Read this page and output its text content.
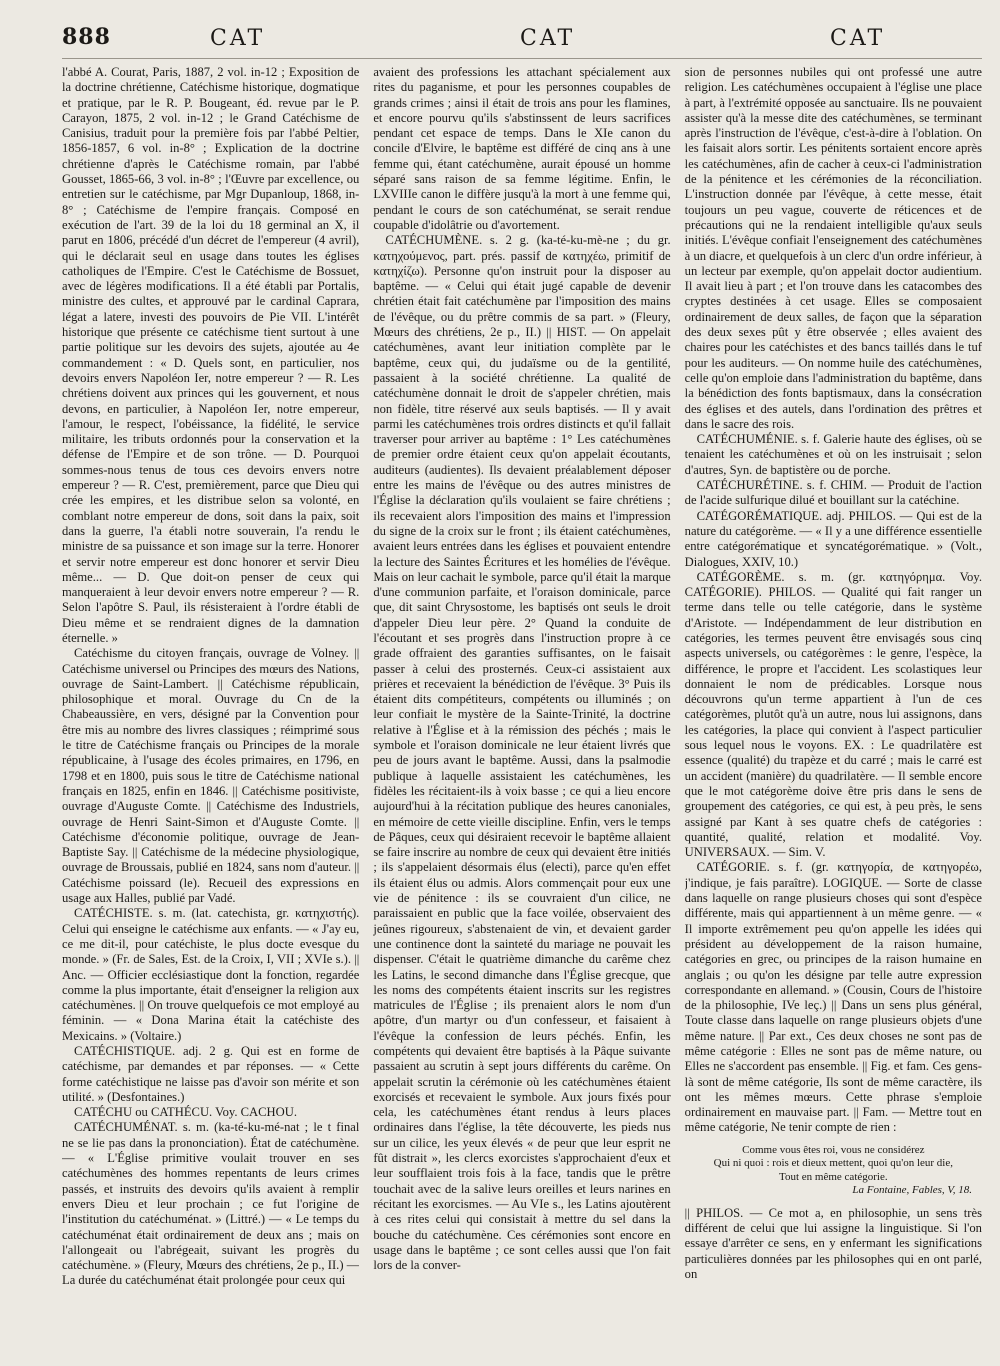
888	CAT	CAT	CAT

l'abbé A. Courat, Paris, 1887, 2 vol. in-12 ; Exposition de la doctrine chrétienne, Catéchisme historique, dogmatique et pratique, par le R. P. Bougeant, éd. revue par le P. Carayon, 1875, 2 vol. in-12 ; le Grand Catéchisme de Canisius, traduit pour la première fois par l'abbé Peltier, 1856-1857, 6 vol. in-8° ; Explication de la doctrine chrétienne d'après le Catéchisme romain, par l'abbé Gousset, 1865-66, 3 vol. in-8° ; l'Œuvre par excellence, ou entretien sur le catéchisme, par Mgr Dupanloup, 1868, in-8° ; Catéchisme de l'empire français. Composé en exécution de l'art. 39 de la loi du 18 germinal an X, il parut en 1806, précédé d'un décret de l'empereur (4 avril), qui le déclarait seul en usage dans toutes les églises catholiques de l'Empire. C'est le Catéchisme de Bossuet, avec de légères modifications. Il a été établi par Portalis, ministre des cultes, et approuvé par le cardinal Caprara, légat a latere, investi des pouvoirs de Pie VII. L'intérêt historique que présente ce catéchisme tient surtout à une partie politique sur les devoirs des sujets, ajoutée au 4e commandement : « D. Quels sont, en particulier, nos devoirs envers Napoléon Ier, notre empereur ? — R. Les chrétiens doivent aux princes qui les gouvernent, et nous devons, en particulier, à Napoléon Ier, notre empereur, l'amour, le respect, l'obéissance, la fidélité, le service militaire, les tributs ordonnés pour la conservation et la défense de l'Empire et de son trône. — D. Pourquoi sommes-nous tenus de tous ces devoirs envers notre empereur ? — R. C'est, premièrement, parce que Dieu qui crée les empires, et les distribue selon sa volonté, en comblant notre empereur de dons, soit dans la paix, soit dans la guerre, l'a établi notre souverain, l'a rendu le ministre de sa puissance et son image sur la terre. Honorer et servir notre empereur est donc honorer et servir Dieu même... — D. Que doit-on penser de ceux qui manqueraient à leur devoir envers notre empereur ? — R. Selon l'apôtre S. Paul, ils résisteraient à l'ordre établi de Dieu même et se rendraient dignes de la damnation éternelle. »

Catéchisme du citoyen français, ouvrage de Volney. || Catéchisme universel ou Principes des mœurs des Nations, ouvrage de Saint-Lambert. || Catéchisme républicain, philosophique et moral. Ouvrage du Cn de la Chabeaussière, en vers, désigné par la Convention pour être mis au nombre des livres classiques ; réimprimé sous le titre de Catéchisme français ou Principes de la morale républicaine, à l'usage des écoles primaires, en 1796, en 1798 et en 1800, puis sous le titre de Catéchisme national français en 1825, enfin en 1846. || Catéchisme positiviste, ouvrage d'Auguste Comte. || Catéchisme des Industriels, ouvrage de Henri Saint-Simon et d'Auguste Comte. || Catéchisme d'économie politique, ouvrage de Jean-Baptiste Say. || Catéchisme de la médecine physiologique, ouvrage de Broussais, publié en 1824, sans nom d'auteur. || Catéchisme poissard (le). Recueil des expressions en usage aux Halles, publié par Vadé.

CATÉCHISTE. s. m. (lat. catechista, gr. κατηχιστής). Celui qui enseigne le catéchisme aux enfants. — « J'ay eu, ce me dit-il, pour catéchiste, le plus docte evesque du monde. » (Fr. de Sales, Est. de la Croix, I, VII ; XVIe s.). || Anc. — Officier ecclésiastique dont la fonction, regardée comme la plus importante, était d'enseigner la religion aux catéchumènes. || On trouve quelquefois ce mot employé au féminin. — « Dona Marina était la catéchiste des Mexicains. » (Voltaire.)

CATÉCHISTIQUE. adj. 2 g. Qui est en forme de catéchisme, par demandes et par réponses. — « Cette forme catéchistique ne laisse pas d'avoir son mérite et son utilité. » (Desfontaines.)

CATÉCHU ou CATHÉCU. Voy. CACHOU.

CATÉCHUMÉNAT. s. m. (ka-té-ku-mé-nat ; le t final ne se lie pas dans la prononciation). État de catéchumène. — « L'Église primitive voulait trouver en ses catéchumènes des hommes repentants de leurs crimes passés, et instruits des devoirs qu'ils avaient à remplir envers Dieu et leur prochain ; ce fut l'origine de l'institution du catéchuménat. » (Littré.) — « Le temps du catéchuménat était ordinairement de deux ans ; mais on l'allongeait ou l'abrégeait, suivant les progrès du catéchumène. » (Fleury, Mœurs des chrétiens, 2e p., II.) — La durée du catéchuménat était prolongée pour ceux qui

avaient des professions les attachant spécialement aux rites du paganisme, et pour les personnes coupables de grands crimes ; ainsi il était de trois ans pour les flamines, et encore pourvu qu'ils s'abstinssent de leurs sacrifices pendant cet espace de temps. Dans le XIe canon du concile d'Elvire, le baptême est différé de cinq ans à une femme qui, étant catéchumène, aurait épousé un homme séparé sans raison de sa femme légitime. Enfin, le LXVIIIe canon le diffère jusqu'à la mort à une femme qui, pendant le cours de son catéchuménat, se serait rendue coupable d'idolâtrie ou d'avortement.

CATÉCHUMÈNE. s. 2 g. (ka-té-ku-mè-ne ; du gr. κατηχούμενος, part. prés. passif de κατηχέω, primitif de κατηχίζω). Personne qu'on instruit pour la disposer au baptême. — « Celui qui était jugé capable de devenir chrétien était fait catéchumène par l'imposition des mains de l'évêque, ou du prêtre commis de sa part. » (Fleury, Mœurs des chrétiens, 2e p., II.) || HIST. — On appelait catéchumènes, avant leur initiation complète par le baptême, ceux qui, du judaïsme ou de la gentilité, passaient à la société chrétienne. La qualité de catéchumène donnait le droit de s'appeler chrétien, mais non fidèle, titre réservé aux seuls baptisés. — Il y avait parmi les catéchumènes trois ordres distincts et qu'il fallait traverser pour arriver au baptême : 1° Les catéchumènes de premier ordre étaient ceux qu'on appelait écoutants, auditeurs (audientes). Ils devaient préalablement déposer entre les mains de l'évêque ou des autres ministres de l'Église la déclaration qu'ils voulaient se faire chrétiens ; ils recevaient alors l'imposition des mains et l'impression du signe de la croix sur le front ; ils étaient catéchumènes, avaient leurs entrées dans les églises et pouvaient entendre la lecture des Saintes Écritures et les homélies de l'évêque. Mais on leur cachait le symbole, parce qu'il était la marque d'une communion parfaite, et l'oraison dominicale, parce que, dit saint Chrysostome, les baptisés ont seuls le droit d'appeler Dieu leur père. 2° Quand la conduite de l'écoutant et ses progrès dans l'instruction propre à ce grade offraient des garanties suffisantes, on le faisait passer à celui des prosternés. Ceux-ci assistaient aux prières et recevaient la bénédiction de l'évêque. 3° Puis ils étaient dits compétiteurs, compétents ou illuminés ; on leur confiait le mystère de la Sainte-Trinité, la doctrine relative à l'Église et à la rémission des péchés ; mais le symbole et l'oraison dominicale ne leur étaient livrés que peu de jours avant le baptême. Aussi, dans la psalmodie publique à laquelle assistaient les catéchumènes, les fidèles les récitaient-ils à voix basse ; ce qui a lieu encore aujourd'hui à la récitation publique des heures canoniales, en mémoire de cette vieille discipline. Enfin, vers le temps de Pâques, ceux qui désiraient recevoir le baptême allaient se faire inscrire au nombre de ceux qui devaient être initiés ; ils s'appelaient désormais élus (electi), parce qu'en effet ils étaient élus ou admis. Alors commençait pour eux une vie de pénitence : ils se couvraient d'un cilice, ne paraissaient en public que la face voilée, observaient des jeûnes rigoureux, s'abstenaient de vin, et devaient garder une continence dont la sainteté du mariage ne pouvait les dispenser. C'était le quatrième dimanche du carême chez les Latins, le second dimanche dans l'Église grecque, que les noms des compétents étaient inscrits sur les registres matricules de l'Église ; ils prenaient alors le nom d'un apôtre, d'un martyr ou d'un confesseur, et faisaient à l'évêque la confession de leurs péchés. Enfin, les compétents qui devaient être baptisés à la Pâque suivante passaient au scrutin à sept jours différents du carême. On appelait scrutin la cérémonie où les catéchumènes étaient exorcisés et recevaient le symbole. Aux jours fixés pour cela, les catéchumènes étant rendus à leurs places ordinaires dans l'église, la tête découverte, les pieds nus sur un cilice, les yeux élevés « de peur que leur esprit ne fût distrait », les clercs exorcistes s'approchaient d'eux et leur soufflaient trois fois à la face, tandis que le prêtre touchait avec de la salive leurs oreilles et leurs narines en récitant les exorcismes. — Au VIe s., les Latins ajoutèrent à ces rites celui qui consistait à mettre du sel dans la bouche du catéchumène. Ces cérémonies sont encore en usage dans le baptême ; ce sont celles aussi que l'on fait lors de la conver-

sion de personnes nubiles qui ont professé une autre religion. Les catéchumènes occupaient à l'église une place à part, à l'extrémité opposée au sanctuaire. Ils ne pouvaient assister qu'à la messe dite des catéchumènes, se terminant après l'instruction de l'évêque, c'est-à-dire à l'oblation. On les faisait alors sortir. Les pénitents sortaient encore après les catéchumènes, afin de cacher à ceux-ci l'administration de la pénitence et les cérémonies de la réconciliation. L'instruction donnée par l'évêque, à cette messe, était toujours un peu vague, couverte de réticences et de précautions qui ne la rendaient intelligible qu'aux seuls initiés. L'évêque confiait l'enseignement des catéchumènes à un diacre, et quelquefois à un clerc d'un ordre inférieur, à un lecteur par exemple, qu'on appelait doctor audientium. Il avait lieu à part ; et l'on trouve dans les catacombes des cryptes destinées à cet usage. Elles se composaient ordinairement de deux salles, de façon que la séparation des deux sexes pût y être observée ; elles avaient des chaires pour les catéchistes et des bancs taillés dans le tuf pour les auditeurs. — On nomme huile des catéchumènes, celle qu'on emploie dans l'administration du baptême, dans la bénédiction des fonts baptismaux, dans la consécration des églises et des autels, dans l'ordination des prêtres et dans le sacre des rois.

CATÉCHUMÉNIE. s. f. Galerie haute des églises, où se tenaient les catéchumènes et où on les instruisait ; selon d'autres, Syn. de baptistère ou de porche.

CATÉCHURÉTINE. s. f. CHIM. — Produit de l'action de l'acide sulfurique dilué et bouillant sur la catéchine.

CATÉGORÉMATIQUE. adj. PHILOS. — Qui est de la nature du catégorème. — « Il y a une différence essentielle entre catégorématique et syncatégorématique. » (Volt., Dialogues, XXIV, 10.)

CATÉGORÈME. s. m. (gr. κατηγόρημα. Voy. CATÉGORIE). PHILOS. — Qualité qui fait ranger un terme dans telle ou telle catégorie, dans le système d'Aristote. — Indépendamment de leur distribution en catégories, les termes peuvent être envisagés sous cinq aspects universels, ou catégorèmes : le genre, l'espèce, la différence, le propre et l'accident. Les scolastiques leur donnaient le nom de prédicables. Lorsque nous découvrons qu'un terme appartient à l'un de ces catégorèmes, plutôt qu'à un autre, nous lui assignons, dans les catégories, la place qui convient à l'aspect particulier sous lequel nous le voyons. EX. : Le quadrilatère est essence (qualité) du trapèze et du carré ; mais le carré est un accident (manière) du quadrilatère. — Il semble encore que le mot catégorème doive être pris dans le sens de groupement des catégories, ce qui est, à peu près, le sens assigné par Kant à ses quatre chefs de catégories : quantité, qualité, relation et modalité. Voy. UNIVERSAUX. — Sim. V.

CATÉGORIE. s. f. (gr. κατηγορία, de κατηγορέω, j'indique, je fais paraître). LOGIQUE. — Sorte de classe dans laquelle on range plusieurs choses qui sont d'espèce différente, mais qui appartiennent à un même genre. — « Il importe extrêmement peu qu'on appelle les idées qui président au développement de la raison humaine, catégories en grec, ou principes de la raison humaine en anglais ; ou qu'on les désigne par telle autre expression correspondante en allemand. » (Cousin, Cours de l'histoire de la philosophie, IVe leç.) || Dans un sens plus général, Toute classe dans laquelle on range plusieurs objets d'une même nature. || Par ext., Ces deux choses ne sont pas de même catégorie : Elles ne sont pas de même nature, ou Elles ne s'accordent pas ensemble. || Fig. et fam. Ces gens-là sont de même catégorie, Ils sont de même caractère, ils ont les mêmes mœurs. Cette phrase s'emploie ordinairement en mauvaise part. || Fam. — Mettre tout en même catégorie, Ne tenir compte de rien :

Comme vous êtes roi, vous ne considérez
Qui ni quoi : rois et dieux mettent, quoi qu'on leur die,
Tout en même catégorie.
La Fontaine, Fables, V, 18.

|| PHILOS. — Ce mot a, en philosophie, un sens très différent de celui que lui assigne la linguistique. Si l'on essaye d'arrêter ce sens, en y enfermant les significations particulières données par les philosophes qui en ont parlé, on
